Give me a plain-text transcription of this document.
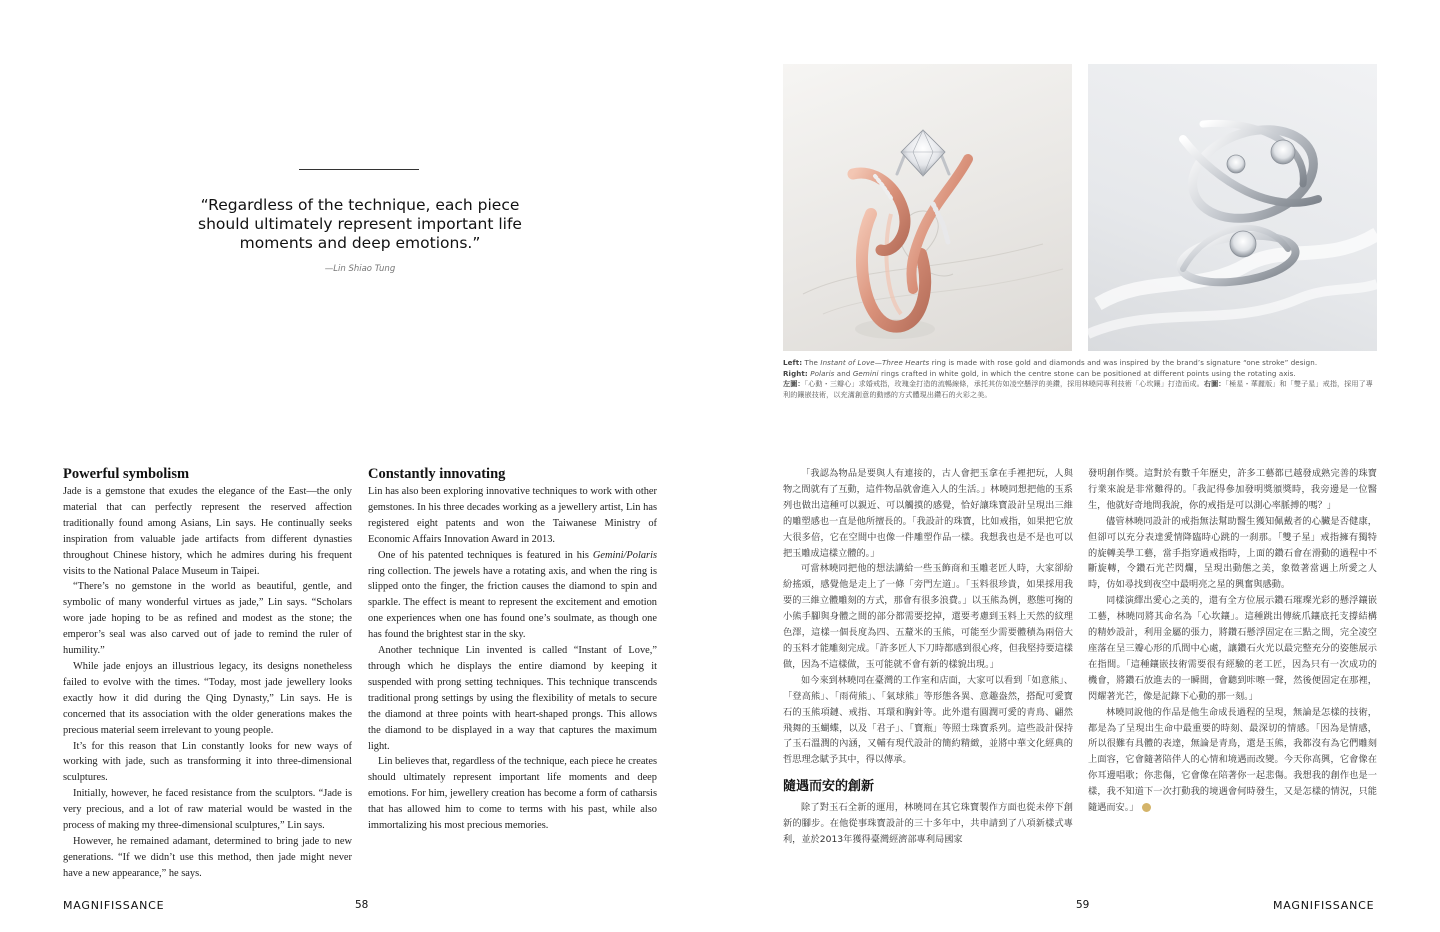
“Regardless of the technique, each piece should ultimately represent important life moments and deep emotions.”
—Lin Shiao Tung
Powerful symbolism

Jade is a gemstone that exudes the elegance of the East—the only material that can perfectly represent the reserved affection traditionally found among Asians, Lin says. He continually seeks inspiration from valuable jade artifacts from different dynasties throughout Chinese history, which he admires during his frequent visits to the National Palace Museum in Taipei.

“There’s no gemstone in the world as beautiful, gentle, and symbolic of many wonderful virtues as jade,” Lin says. “Scholars wore jade hoping to be as refined and modest as the stone; the emperor’s seal was also carved out of jade to remind the ruler of humility.”

While jade enjoys an illustrious legacy, its designs nonetheless failed to evolve with the times. “Today, most jade jewellery looks exactly how it did during the Qing Dynasty,” Lin says. He is concerned that its association with the older generations makes the precious material seem irrelevant to young people.

It’s for this reason that Lin constantly looks for new ways of working with jade, such as transforming it into three-dimensional sculptures.

Initially, however, he faced resistance from the sculptors. “Jade is very precious, and a lot of raw material would be wasted in the process of making my three-dimensional sculptures,” Lin says.

However, he remained adamant, determined to bring jade to new generations. “If we didn’t use this method, then jade might never have a new appearance,” he says.

Constantly innovating

Lin has also been exploring innovative techniques to work with other gemstones. In his three decades working as a jewellery artist, Lin has registered eight patents and won the Taiwanese Ministry of Economic Affairs Innovation Award in 2013.

One of his patented techniques is featured in his Gemini/Polaris ring collection. The jewels have a rotating axis, and when the ring is slipped onto the finger, the friction causes the diamond to spin and sparkle. The effect is meant to represent the excitement and emotion one experiences when one has found one’s soulmate, as though one has found the brightest star in the sky.

Another technique Lin invented is called “Instant of Love,” through which he displays the entire diamond by keeping it suspended with prong setting techniques. This technique transcends traditional prong settings by using the flexibility of metals to secure the diamond at three points with heart-shaped prongs. This allows the diamond to be displayed in a way that captures the maximum light.

Lin believes that, regardless of the technique, each piece he creates should ultimately represent important life moments and deep emotions. For him, jewellery creation has become a form of catharsis that has allowed him to come to terms with his past, while also immortalizing his most precious memories.

Left: The Instant of Love—Three Hearts ring is made with rose gold and diamonds and was inspired by the brand’s signature “one stroke” design.
Right: Polaris and Gemini rings crafted in white gold, in which the centre stone can be positioned at different points using the rotating axis.
左圖：「心動・三瓣心」求婚戒指，玫瑰金打造的流暢線條，承托其仿如凌空懸浮的美鑽，採用林曉同專利技術「心坎鑲」打造而成。右圖：「極星・華麗版」和「雙子星」戒指，採用了專利的鑲嵌技術，以充滿創意的動感的方式體現出鑽石的火彩之美。

「我認為物品是要與人有連接的，古人會把玉拿在手裡把玩，人與物之間就有了互動，這件物品就會進入人的生活。」林曉同想把他的玉系列也做出這種可以親近、可以觸摸的感覺，恰好讓珠寶設計呈現出三維的雕塑感也一直是他所擅長的。「我設計的珠寶，比如戒指，如果把它放大很多倍，它在空間中也像一件雕塑作品一樣。我想我也是不是也可以把玉雕成這樣立體的。」

可當林曉同把他的想法講給一些玉飾商和玉雕老匠人時，大家卻紛紛搖頭，感覺他是走上了一條「旁門左道」。「玉料很珍貴，如果採用我要的三維立體雕刻的方式，那會有很多浪費。」以玉熊為例，憨態可掬的小熊手腳與身體之間的部分都需要挖掉，還要考慮到玉料上天然的紋理色澤，這樣一個長度為四、五釐米的玉熊，可能至少需要體積為兩倍大的玉料才能雕刻完成。「許多匠人下刀時都感到很心疼，但我堅持要這樣做，因為不這樣做，玉可能就不會有新的樣貌出現。」

如今來到林曉同在臺灣的工作室和店面，大家可以看到「如意熊」、「登高熊」、「雨荷熊」、「氣球熊」等形態各異、意趣盎然，搭配可愛寶石的玉熊項鏈、戒指、耳環和胸針等。此外還有圓潤可愛的青鳥、翩然飛舞的玉蝴蝶，以及「君子」、「寶瓶」等照士珠寶系列。這些設計保持了玉石溫潤的內涵，又輔有現代設計的簡約精緻，並將中華文化經典的哲思理念賦予其中，得以傳承。

隨遇而安的創新

除了對玉石全新的運用，林曉同在其它珠寶製作方面也從未停下創新的腳步。在他從事珠寶設計的三十多年中，共申請到了八項新樣式專利，並於2013年獲得臺灣經濟部專利局國家

發明創作獎。這對於有數千年歷史，許多工藝都已越發成熟完善的珠寶行業來說是非常難得的。「我記得參加發明獎頒獎時，我旁邊是一位醫生，他就好奇地問我說，你的戒指是可以測心率脈搏的嗎？」

儘管林曉同設計的戒指無法幫助醫生獲知佩戴者的心臟是否健康，但卻可以充分表達愛情降臨時心跳的一刹那。「雙子星」戒指擁有獨特的旋轉美學工藝，當手指穿過戒指時，上面的鑽石會在滑動的過程中不斷旋轉，令鑽石光芒閃爛，呈現出動態之美，象徵著當遇上所愛之人時，仿如尋找到夜空中最明亮之星的興奮與感動。

同樣演繹出愛心之美的，還有全方位展示鑽石璀璨光彩的懸浮鑲嵌工藝，林曉同將其命名為「心坎鑲」。這種跳出傳統爪鑲底托支撐結構的精妙設計，利用金屬的張力，將鑽石懸浮固定在三點之間，完全凌空座落在呈三瓣心形的爪間中心處，讓鑽石火光以最完整充分的姿態展示在指間。「這種鑲嵌技術需要很有經驗的老工匠，因為只有一次成功的機會，將鑽石放進去的一瞬間，會聽到咔嚓一聲，然後便固定在那裡，閃耀著光芒，像是記錄下心動的那一刻。」

林曉同說他的作品是他生命成長過程的呈現，無論是怎樣的技術，都是為了呈現出生命中最重要的時刻、最深切的情感。「因為是情感，所以很難有具體的表達，無論是青鳥，還是玉熊，我都沒有為它們雕刻上面容，它會隨著陪伴人的心情和境遇而改變。今天你高興，它會像在你耳邊唱歌；你悲傷，它會像在陪著你一起悲傷。我想我的創作也是一樣，我不知道下一次打動我的境遇會何時發生，又是怎樣的情況，只能隨遇而安。」

MAGNIFISSANCE	58	59	MAGNIFISSANCE
